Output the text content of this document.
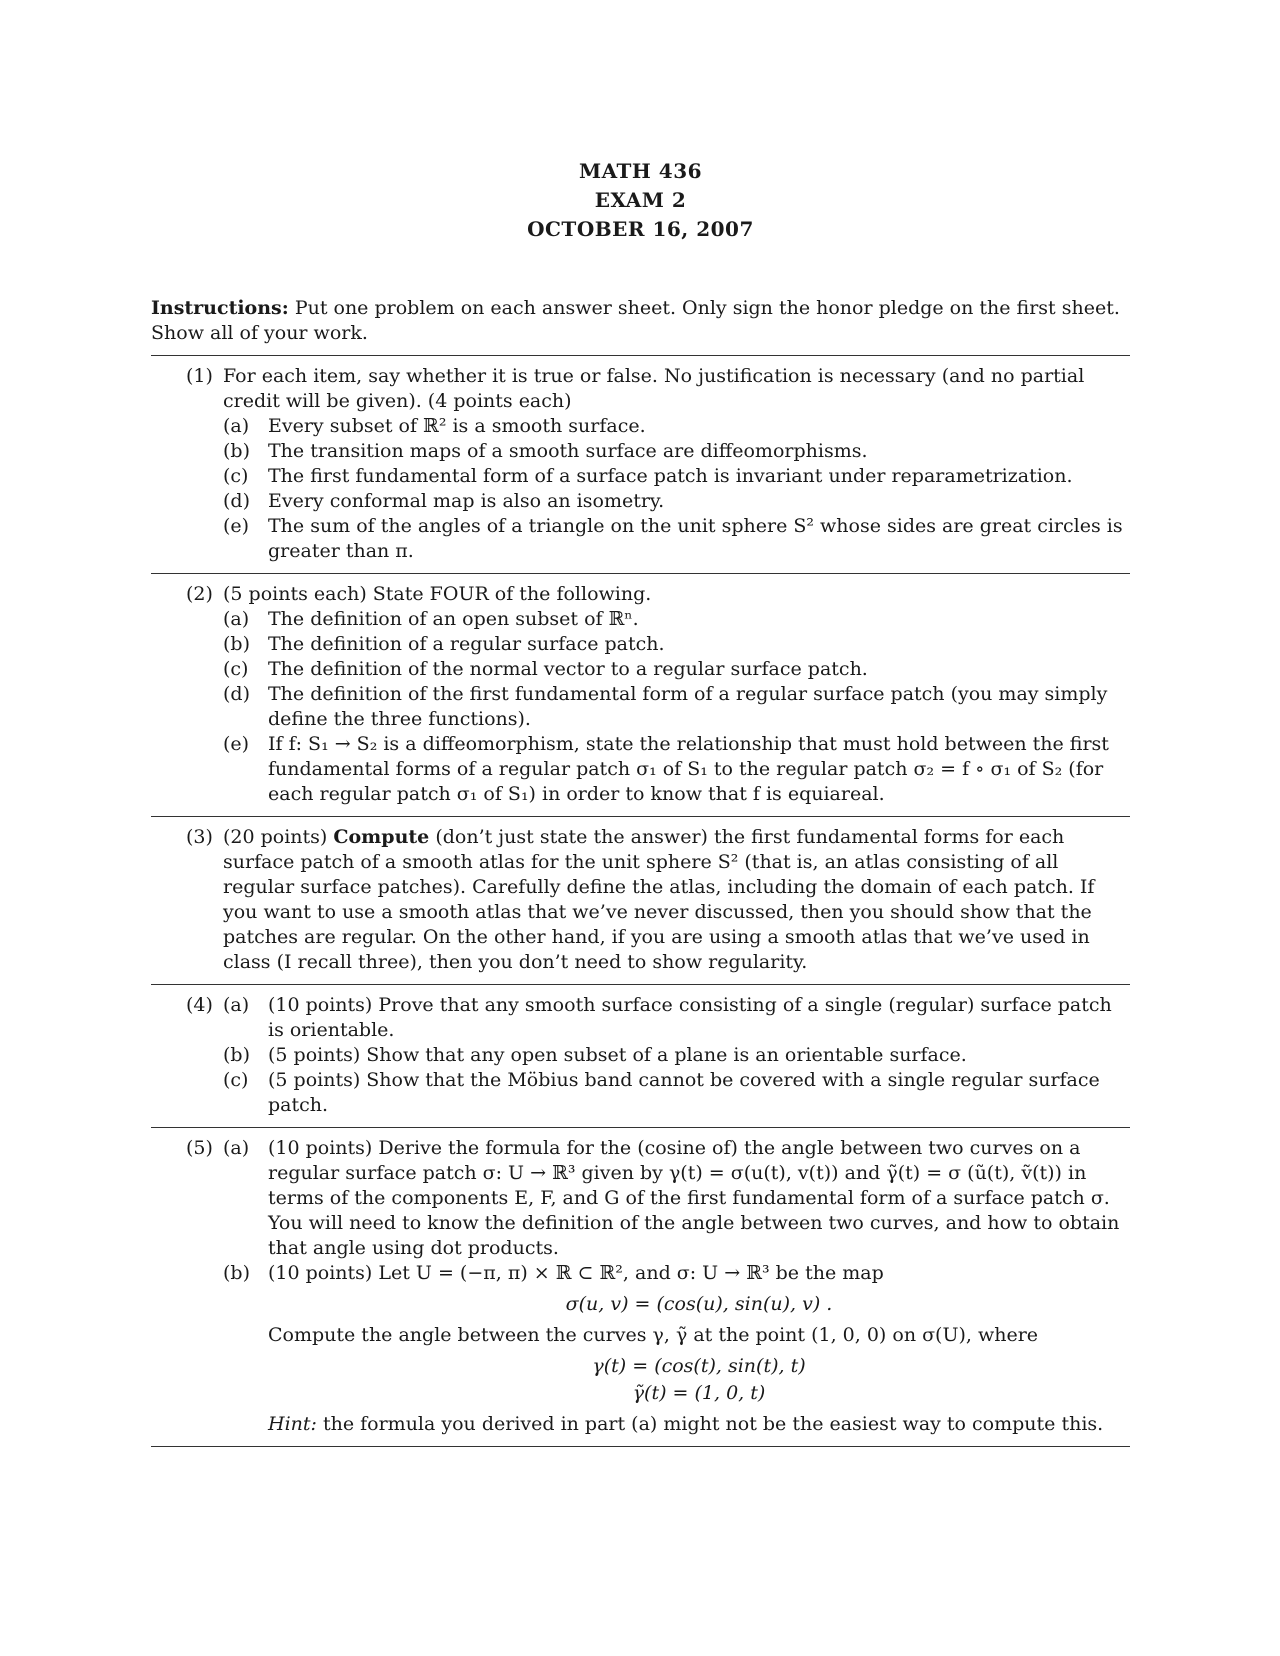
MATH 436
EXAM 2
OCTOBER 16, 2007
Instructions: Put one problem on each answer sheet. Only sign the honor pledge on the first sheet. Show all of your work.
(1) For each item, say whether it is true or false. No justification is necessary (and no partial credit will be given). (4 points each)
(a) Every subset of ℝ² is a smooth surface.
(b) The transition maps of a smooth surface are diffeomorphisms.
(c) The first fundamental form of a surface patch is invariant under reparametrization.
(d) Every conformal map is also an isometry.
(e) The sum of the angles of a triangle on the unit sphere S² whose sides are great circles is greater than π.
(2) (5 points each) State FOUR of the following.
(a) The definition of an open subset of ℝⁿ.
(b) The definition of a regular surface patch.
(c) The definition of the normal vector to a regular surface patch.
(d) The definition of the first fundamental form of a regular surface patch (you may simply define the three functions).
(e) If f: S₁ → S₂ is a diffeomorphism, state the relationship that must hold between the first fundamental forms of a regular patch σ₁ of S₁ to the regular patch σ₂ = f ∘ σ₁ of S₂ (for each regular patch σ₁ of S₁) in order to know that f is equiareal.
(3) (20 points) Compute (don’t just state the answer) the first fundamental forms for each surface patch of a smooth atlas for the unit sphere S² (that is, an atlas consisting of all regular surface patches). Carefully define the atlas, including the domain of each patch. If you want to use a smooth atlas that we’ve never discussed, then you should show that the patches are regular. On the other hand, if you are using a smooth atlas that we’ve used in class (I recall three), then you don’t need to show regularity.
(4) (a) (10 points) Prove that any smooth surface consisting of a single (regular) surface patch is orientable.
(b) (5 points) Show that any open subset of a plane is an orientable surface.
(c) (5 points) Show that the Möbius band cannot be covered with a single regular surface patch.
(5) (a) (10 points) Derive the formula for the (cosine of) the angle between two curves on a regular surface patch σ: U → ℝ³ given by γ(t) = σ(u(t), v(t)) and γ̃(t) = σ (ũ(t), ṽ(t)) in terms of the components E, F, and G of the first fundamental form of a surface patch σ. You will need to know the definition of the angle between two curves, and how to obtain that angle using dot products.
(b) (10 points) Let U = (−π, π) × ℝ ⊂ ℝ², and σ: U → ℝ³ be the map
σ(u, v) = (cos(u), sin(u), v) .
Compute the angle between the curves γ, γ̃ at the point (1, 0, 0) on σ(U), where
γ(t) = (cos(t), sin(t), t)
γ̃(t) = (1, 0, t)
Hint: the formula you derived in part (a) might not be the easiest way to compute this.
